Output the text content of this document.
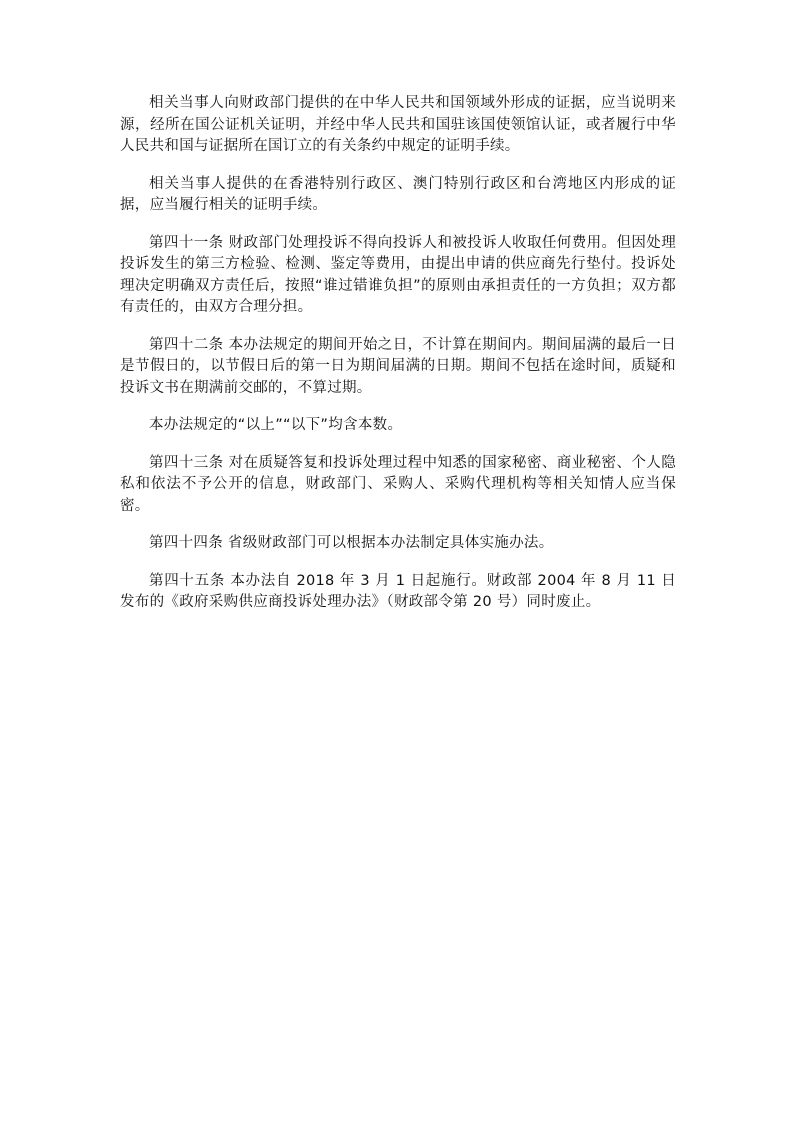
相关当事人向财政部门提供的在中华人民共和国领域外形成的证据，应当说明来源，经所在国公证机关证明，并经中华人民共和国驻该国使领馆认证，或者履行中华人民共和国与证据所在国订立的有关条约中规定的证明手续。

相关当事人提供的在香港特别行政区、澳门特别行政区和台湾地区内形成的证据，应当履行相关的证明手续。

第四十一条 财政部门处理投诉不得向投诉人和被投诉人收取任何费用。但因处理投诉发生的第三方检验、检测、鉴定等费用，由提出申请的供应商先行垫付。投诉处理决定明确双方责任后，按照“谁过错谁负担”的原则由承担责任的一方负担；双方都有责任的，由双方合理分担。

第四十二条 本办法规定的期间开始之日，不计算在期间内。期间届满的最后一日是节假日的，以节假日后的第一日为期间届满的日期。期间不包括在途时间，质疑和投诉文书在期满前交邮的，不算过期。

本办法规定的“以上”“以下”均含本数。

第四十三条 对在质疑答复和投诉处理过程中知悉的国家秘密、商业秘密、个人隐私和依法不予公开的信息，财政部门、采购人、采购代理机构等相关知情人应当保密。

第四十四条 省级财政部门可以根据本办法制定具体实施办法。

第四十五条 本办法自 2018 年 3 月 1 日起施行。财政部 2004 年 8 月 11 日发布的《政府采购供应商投诉处理办法》（财政部令第 20 号）同时废止。
